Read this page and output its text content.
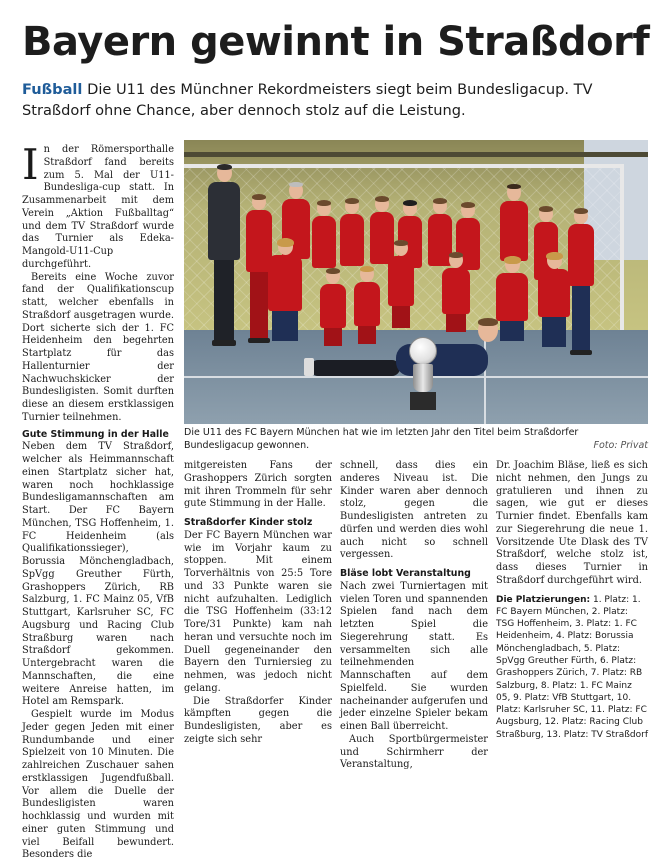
Bayern gewinnt in Straßdorf
Fußball Die U11 des Münchner Rekordmeisters siegt beim Bundesligacup. TV Straßdorf ohne Chance, aber dennoch stolz auf die Leistung.

In der Römersporthalle Straßdorf fand bereits zum 5. Mal der U11-Bundesliga-cup statt. In Zusammenarbeit mit dem Verein „Aktion Fußballtag“ und dem TV Straßdorf wurde das Turnier als Edeka-Mangold-U11-Cup durchgeführt.

Bereits eine Woche zuvor fand der Qualifikationscup statt, welcher ebenfalls in Straßdorf ausgetragen wurde. Dort sicherte sich der 1. FC Heidenheim den begehrten Startplatz für das Hallenturnier der Nachwuchskicker der Bundesligisten. Somit durften diese an diesem erstklassigen Turnier teilnehmen.

Gute Stimmung in der Halle

Neben dem TV Straßdorf, welcher als Heimmannschaft einen Startplatz sicher hat, waren noch hochklassige Bundesligamannschaften am Start. Der FC Bayern München, TSG Hoffenheim, 1. FC Heidenheim (als Qualifikationssieger), Borussia Mönchengladbach, SpVgg Greuther Fürth, Grashoppers Zürich, RB Salzburg, 1. FC Mainz 05, VfB Stuttgart, Karlsruher SC, FC Augsburg und Racing Club Straßburg waren nach Straßdorf gekommen. Untergebracht waren die Mannschaften, die eine weitere Anreise hatten, im Hotel am Remspark.

Gespielt wurde im Modus Jeder gegen Jeden mit einer Rundumbande und einer Spielzeit von 10 Minuten. Die zahlreichen Zuschauer sahen erstklassigen Jugendfußball. Vor allem die Duelle der Bundesligisten waren hochklassig und wurden mit einer guten Stimmung und viel Beifall bewundert. Besonders die

Die U11 des FC Bayern München hat wie im letzten Jahr den Titel beim Straßdorfer Bundesligacup gewonnen.	Foto: Privat

mitgereisten Fans der Grashoppers Zürich sorgten mit ihren Trommeln für sehr gute Stimmung in der Halle.

Straßdorfer Kinder stolz

Der FC Bayern München war wie im Vorjahr kaum zu stoppen. Mit einem Torverhältnis von 25:5 Tore und 33 Punkte waren sie nicht aufzuhalten. Lediglich die TSG Hoffenheim (33:12 Tore/31 Punkte) kam nah heran und versuchte noch im Duell gegeneinander den Bayern den Turniersieg zu nehmen, was jedoch nicht gelang.

Die Straßdorfer Kinder kämpften gegen die Bundesligisten, aber es zeigte sich sehr

schnell, dass dies ein anderes Niveau ist. Die Kinder waren aber dennoch stolz, gegen die Bundesligisten antreten zu dürfen und werden dies wohl auch nicht so schnell vergessen.

Bläse lobt Veranstaltung

Nach zwei Turniertagen mit vielen Toren und spannenden Spielen fand nach dem letzten Spiel die Siegerehrung statt. Es versammelten sich alle teilnehmenden Mannschaften auf dem Spielfeld. Sie wurden nacheinander aufgerufen und jeder einzelne Spieler bekam einen Ball überreicht.

Auch Sportbürgermeister und Schirmherr der Veranstaltung,

Dr. Joachim Bläse, ließ es sich nicht nehmen, den Jungs zu gratulieren und ihnen zu sagen, wie gut er dieses Turnier findet. Ebenfalls kam zur Siegerehrung die neue 1. Vorsitzende Ute Dlask des TV Straßdorf, welche stolz ist, dass dieses Turnier in Straßdorf durchgeführt wird.

Die Platzierungen: 1. Platz: 1. FC Bayern München, 2. Platz: TSG Hoffenheim, 3. Platz: 1. FC Heidenheim, 4. Platz: Borussia Mönchengladbach, 5. Platz: SpVgg Greuther Fürth, 6. Platz: Grashoppers Zürich, 7. Platz: RB Salzburg, 8. Platz: 1. FC Mainz 05, 9. Platz: VfB Stuttgart, 10. Platz: Karlsruher SC, 11. Platz: FC Augsburg, 12. Platz: Racing Club Straßburg, 13. Platz: TV Straßdorf
